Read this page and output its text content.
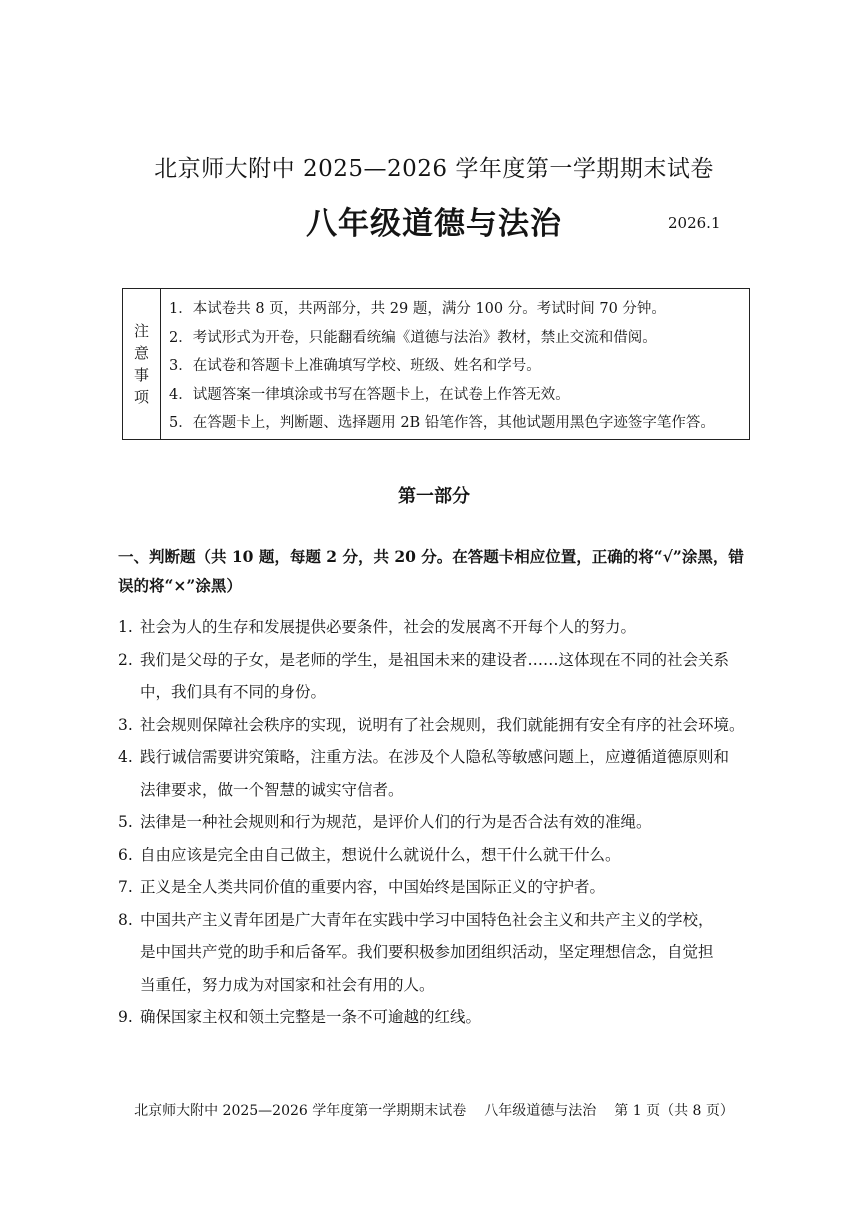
北京师大附中 2025—2026 学年度第一学期期末试卷
八年级道德与法治	2026.1
注意事项
1．本试卷共 8 页，共两部分，共 29 题，满分 100 分。考试时间 70 分钟。
2．考试形式为开卷，只能翻看统编《道德与法治》教材，禁止交流和借阅。
3．在试卷和答题卡上准确填写学校、班级、姓名和学号。
4．试题答案一律填涂或书写在答题卡上，在试卷上作答无效。
5．在答题卡上，判断题、选择题用 2B 铅笔作答，其他试题用黑色字迹签字笔作答。
第一部分
一、判断题（共 10 题，每题 2 分，共 20 分。在答题卡相应位置，正确的将“√”涂黑，错误的将“×”涂黑）
1. 社会为人的生存和发展提供必要条件，社会的发展离不开每个人的努力。
2. 我们是父母的子女，是老师的学生，是祖国未来的建设者……这体现在不同的社会关系
中，我们具有不同的身份。
3. 社会规则保障社会秩序的实现，说明有了社会规则，我们就能拥有安全有序的社会环境。
4. 践行诚信需要讲究策略，注重方法。在涉及个人隐私等敏感问题上，应遵循道德原则和
法律要求，做一个智慧的诚实守信者。
5. 法律是一种社会规则和行为规范，是评价人们的行为是否合法有效的准绳。
6. 自由应该是完全由自己做主，想说什么就说什么，想干什么就干什么。
7. 正义是全人类共同价值的重要内容，中国始终是国际正义的守护者。
8. 中国共产主义青年团是广大青年在实践中学习中国特色社会主义和共产主义的学校，
是中国共产党的助手和后备军。我们要积极参加团组织活动，坚定理想信念，自觉担
当重任，努力成为对国家和社会有用的人。
9. 确保国家主权和领土完整是一条不可逾越的红线。
北京师大附中 2025—2026 学年度第一学期期末试卷 八年级道德与法治 第 1 页（共 8 页）
